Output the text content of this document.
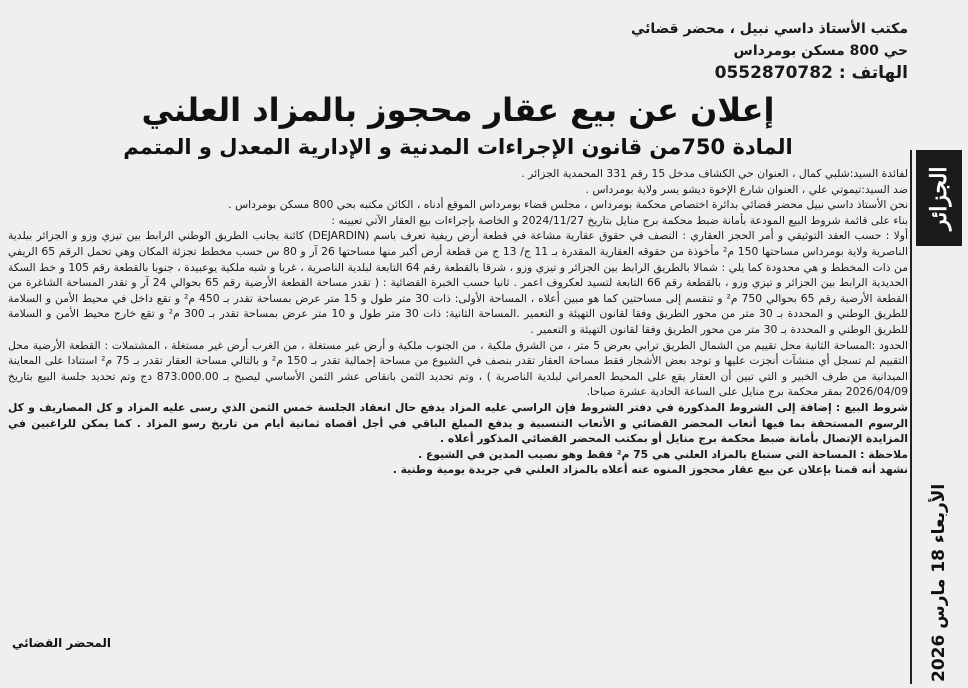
مكتب الأستاذ داسي نبيل ، محضر قضائي
حي 800 مسكن بومرداس
الهاتف : 0552870782
إعلان عن بيع عقار محجوز بالمزاد العلني
المادة 750من قانون الإجراءات المدنية و الإدارية المعدل و المتمم

لفائدة السيد:شلبي كمال ، العنوان حي الكشاف مدخل 15 رقم 331 المحمدية الجزائر .

ضد السيد:تيموتي علي ، العنوان شارع الإخوة ديشو يسر ولاية بومرداس .

نحن الأستاذ داسي نبيل محضر قضائي بدائرة اختصاص محكمة بومرداس ، مجلس قضاء بومرداس الموقع أدناه ، الكائن مكتبه بحي 800 مسكن بومرداس .

بناء على قائمة شروط البيع المودعة بأمانة ضبط محكمة برج منايل بتاريخ 2024/11/27 و الخاصة بإجراءات بيع العقار الآتي تعيينه :

أولا : حسب العقد التوثيقي و أمر الحجز العقاري : النصف في حقوق عقارية مشاعة في قطعة أرض ريفية تعرف باسم (DEJARDIN) كائنة بجانب الطريق الوطني الرابط بين تيزي وزو و الجزائر ببلدية الناصرية ولاية بومرداس مساحتها 150 م² مأخوذة من حقوقه العقارية المقدرة بـ 11 ج/ 13 ج من قطعة أرض أكبر منها مساحتها 26 آر و 80 س حسب مخطط تجزئة المكان وهي تحمل الرقم 65 الريفي من ذات المخطط و هي محدودة كما يلي : شمالا بالطريق الرابط بين الجزائر و تيزي وزو ، شرقا بالقطعة رقم 64 التابعة لبلدية الناصرية ، غربا و شبه ملكية يوعبيدة ، جنوبا بالقطعة رقم 105 و خط السكة الحديدية الرابط بين الجزائر و تيزي وزو ، بالقطعة رقم 66 التابعة لتسيد لعكروف اعمر . ثانيا حسب الخبرة القضائية : ( تقدر مساحة القطعة الأرضية رقم 65 بحوالي 24 آر و تقدر المساحة الشاغرة من القطعة الأرضية رقم 65 بحوالي 750 م² و تنقسم إلى مساحتين كما هو مبين أعلاه ، المساحة الأولى: ذات 30 متر طول و 15 متر عرض بمساحة تقدر بـ 450 م² و تقع داخل في محيط الأمن و السلامة للطريق الوطني و المحددة بـ 30 متر من محور الطريق وفقا لقانون التهيئة و التعمير .المساحة الثانية: ذات 30 متر طول و 10 متر عرض بمساحة تقدر بـ 300 م² و تقع خارج محيط الأمن و السلامة للطريق الوطني و المحددة بـ 30 متر من محور الطريق وفقا لقانون التهيئة و التعمير .

الحدود :المساحة الثانية محل تقييم من الشمال الطريق ترابي بعرض 5 متر ، من الشرق ملكية ، من الجنوب ملكية و أرض غير مستغلة ، من الغرب أرض غير مستغلة ، المشتملات : القطعة الأرضية محل التقييم لم تسجل أي منشآت أنجزت عليها و توجد بعض الأشجار فقط مساحة العقار تقدر بنصف في الشيوع من مساحة إجمالية تقدر بـ 150 م² و بالتالي مساحة العقار تقدر بـ 75 م² استنادا على المعاينة الميدانية من طرف الخبير و التي تبين أن العقار يقع على المحيط العمراني لبلدية الناصرية ) ، وتم تحديد الثمن بانقاص عشر الثمن الأساسي ليصبح بـ 873.000.00 دج وتم تحديد جلسة البيع بتاريخ 2026/04/09 بمقر محكمة برج منايل على الساعة الحادية عشرة صباحا.

شروط البيع : إضافة إلى الشروط المذكورة في دفتر الشروط فإن الراسي عليه المزاد يدفع حال انعقاد الجلسة خمس الثمن الذي رسى عليه المزاد و كل المصاريف و كل الرسوم المستحقة بما فيها أتعاب المحضر القضائي و الأتعاب التنسبية و يدفع المبلغ الباقي في أجل أقصاه ثمانية أيام من تاريخ رسو المزاد . كما يمكن للراغبين في المزايدة الإتصال بأمانة ضبط محكمة برج منايل أو بمكتب المحضر القضائي المذكور أعلاه .

ملاحظة : المساحة التي ستباع بالمزاد العلني هي 75 م² فقط وهو نصيب المدين في الشيوع .

نشهد أنه قمنا بإعلان عن بيع عقار محجوز المنوه عنه أعلاه بالمزاد العلني في جريدة يومية وطنية .

المحضر القضائي
الجزائر
الأربعاء 18 مارس 2026
